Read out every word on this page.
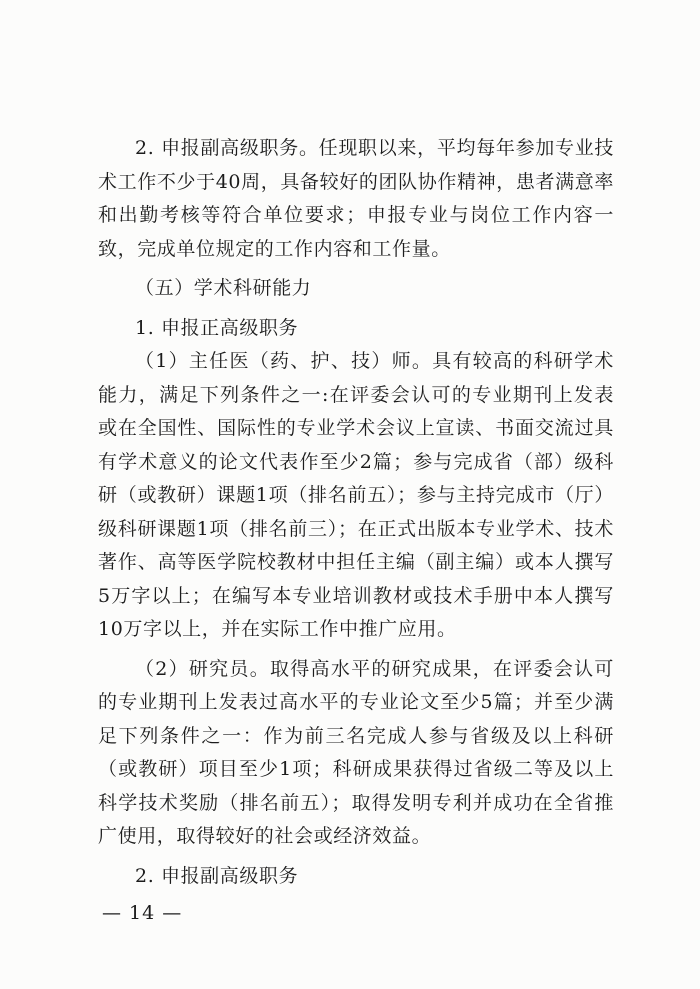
2. 申报副高级职务。任现职以来，平均每年参加专业技术工作不少于40周，具备较好的团队协作精神，患者满意率和出勤考核等符合单位要求；申报专业与岗位工作内容一致，完成单位规定的工作内容和工作量。

（五）学术科研能力

1. 申报正高级职务

（1）主任医（药、护、技）师。具有较高的科研学术能力，满足下列条件之一:在评委会认可的专业期刊上发表或在全国性、国际性的专业学术会议上宣读、书面交流过具有学术意义的论文代表作至少2篇；参与完成省（部）级科研（或教研）课题1项（排名前五）；参与主持完成市（厅）级科研课题1项（排名前三）；在正式出版本专业学术、技术著作、高等医学院校教材中担任主编（副主编）或本人撰写5万字以上；在编写本专业培训教材或技术手册中本人撰写10万字以上，并在实际工作中推广应用。

（2）研究员。取得高水平的研究成果，在评委会认可的专业期刊上发表过高水平的专业论文至少5篇；并至少满足下列条件之一：作为前三名完成人参与省级及以上科研（或教研）项目至少1项；科研成果获得过省级二等及以上科学技术奖励（排名前五）；取得发明专利并成功在全省推广使用，取得较好的社会或经济效益。

2. 申报副高级职务

— 14 —
